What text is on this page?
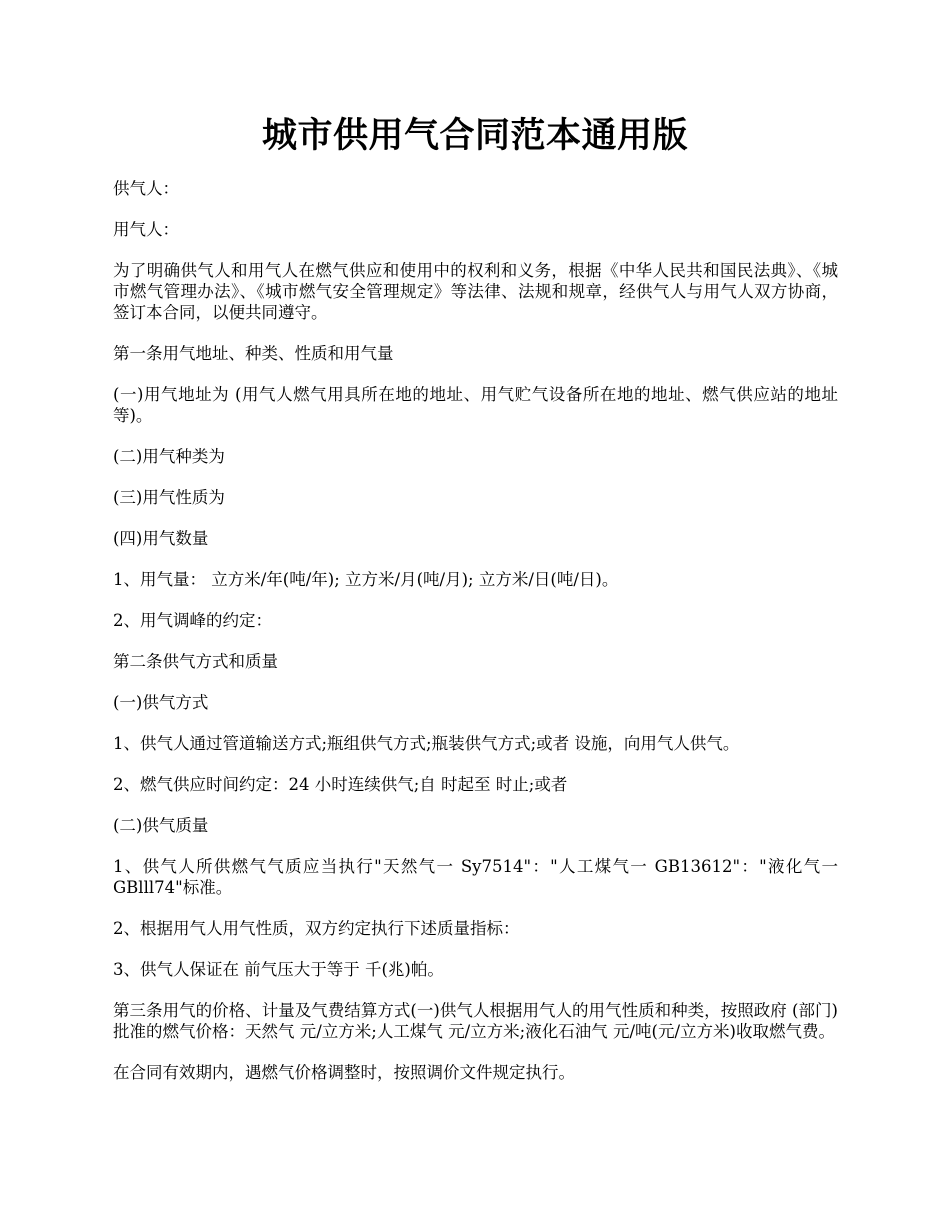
城市供用气合同范本通用版

供气人：

用气人：

为了明确供气人和用气人在燃气供应和使用中的权利和义务，根据《中华人民共和国民法典》、《城市燃气管理办法》、《城市燃气安全管理规定》等法律、法规和规章，经供气人与用气人双方协商，签订本合同，以便共同遵守。

第一条用气地址、种类、性质和用气量

(一)用气地址为 (用气人燃气用具所在地的地址、用气贮气设备所在地的地址、燃气供应站的地址等)。

(二)用气种类为

(三)用气性质为

(四)用气数量

1、用气量： 立方米/年(吨/年); 立方米/月(吨/月); 立方米/日(吨/日)。

2、用气调峰的约定：

第二条供气方式和质量

(一)供气方式

1、供气人通过管道输送方式;瓶组供气方式;瓶装供气方式;或者 设施，向用气人供气。

2、燃气供应时间约定：24 小时连续供气;自 时起至 时止;或者

(二)供气质量

1、供气人所供燃气气质应当执行"天然气一 Sy7514"："人工煤气一 GB13612"："液化气一 GBlll74"标准。

2、根据用气人用气性质，双方约定执行下述质量指标：

3、供气人保证在 前气压大于等于 千(兆)帕。

第三条用气的价格、计量及气费结算方式(一)供气人根据用气人的用气性质和种类，按照政府 (部门)批准的燃气价格：天然气 元/立方米;人工煤气 元/立方米;液化石油气 元/吨(元/立方米)收取燃气费。

在合同有效期内，遇燃气价格调整时，按照调价文件规定执行。
